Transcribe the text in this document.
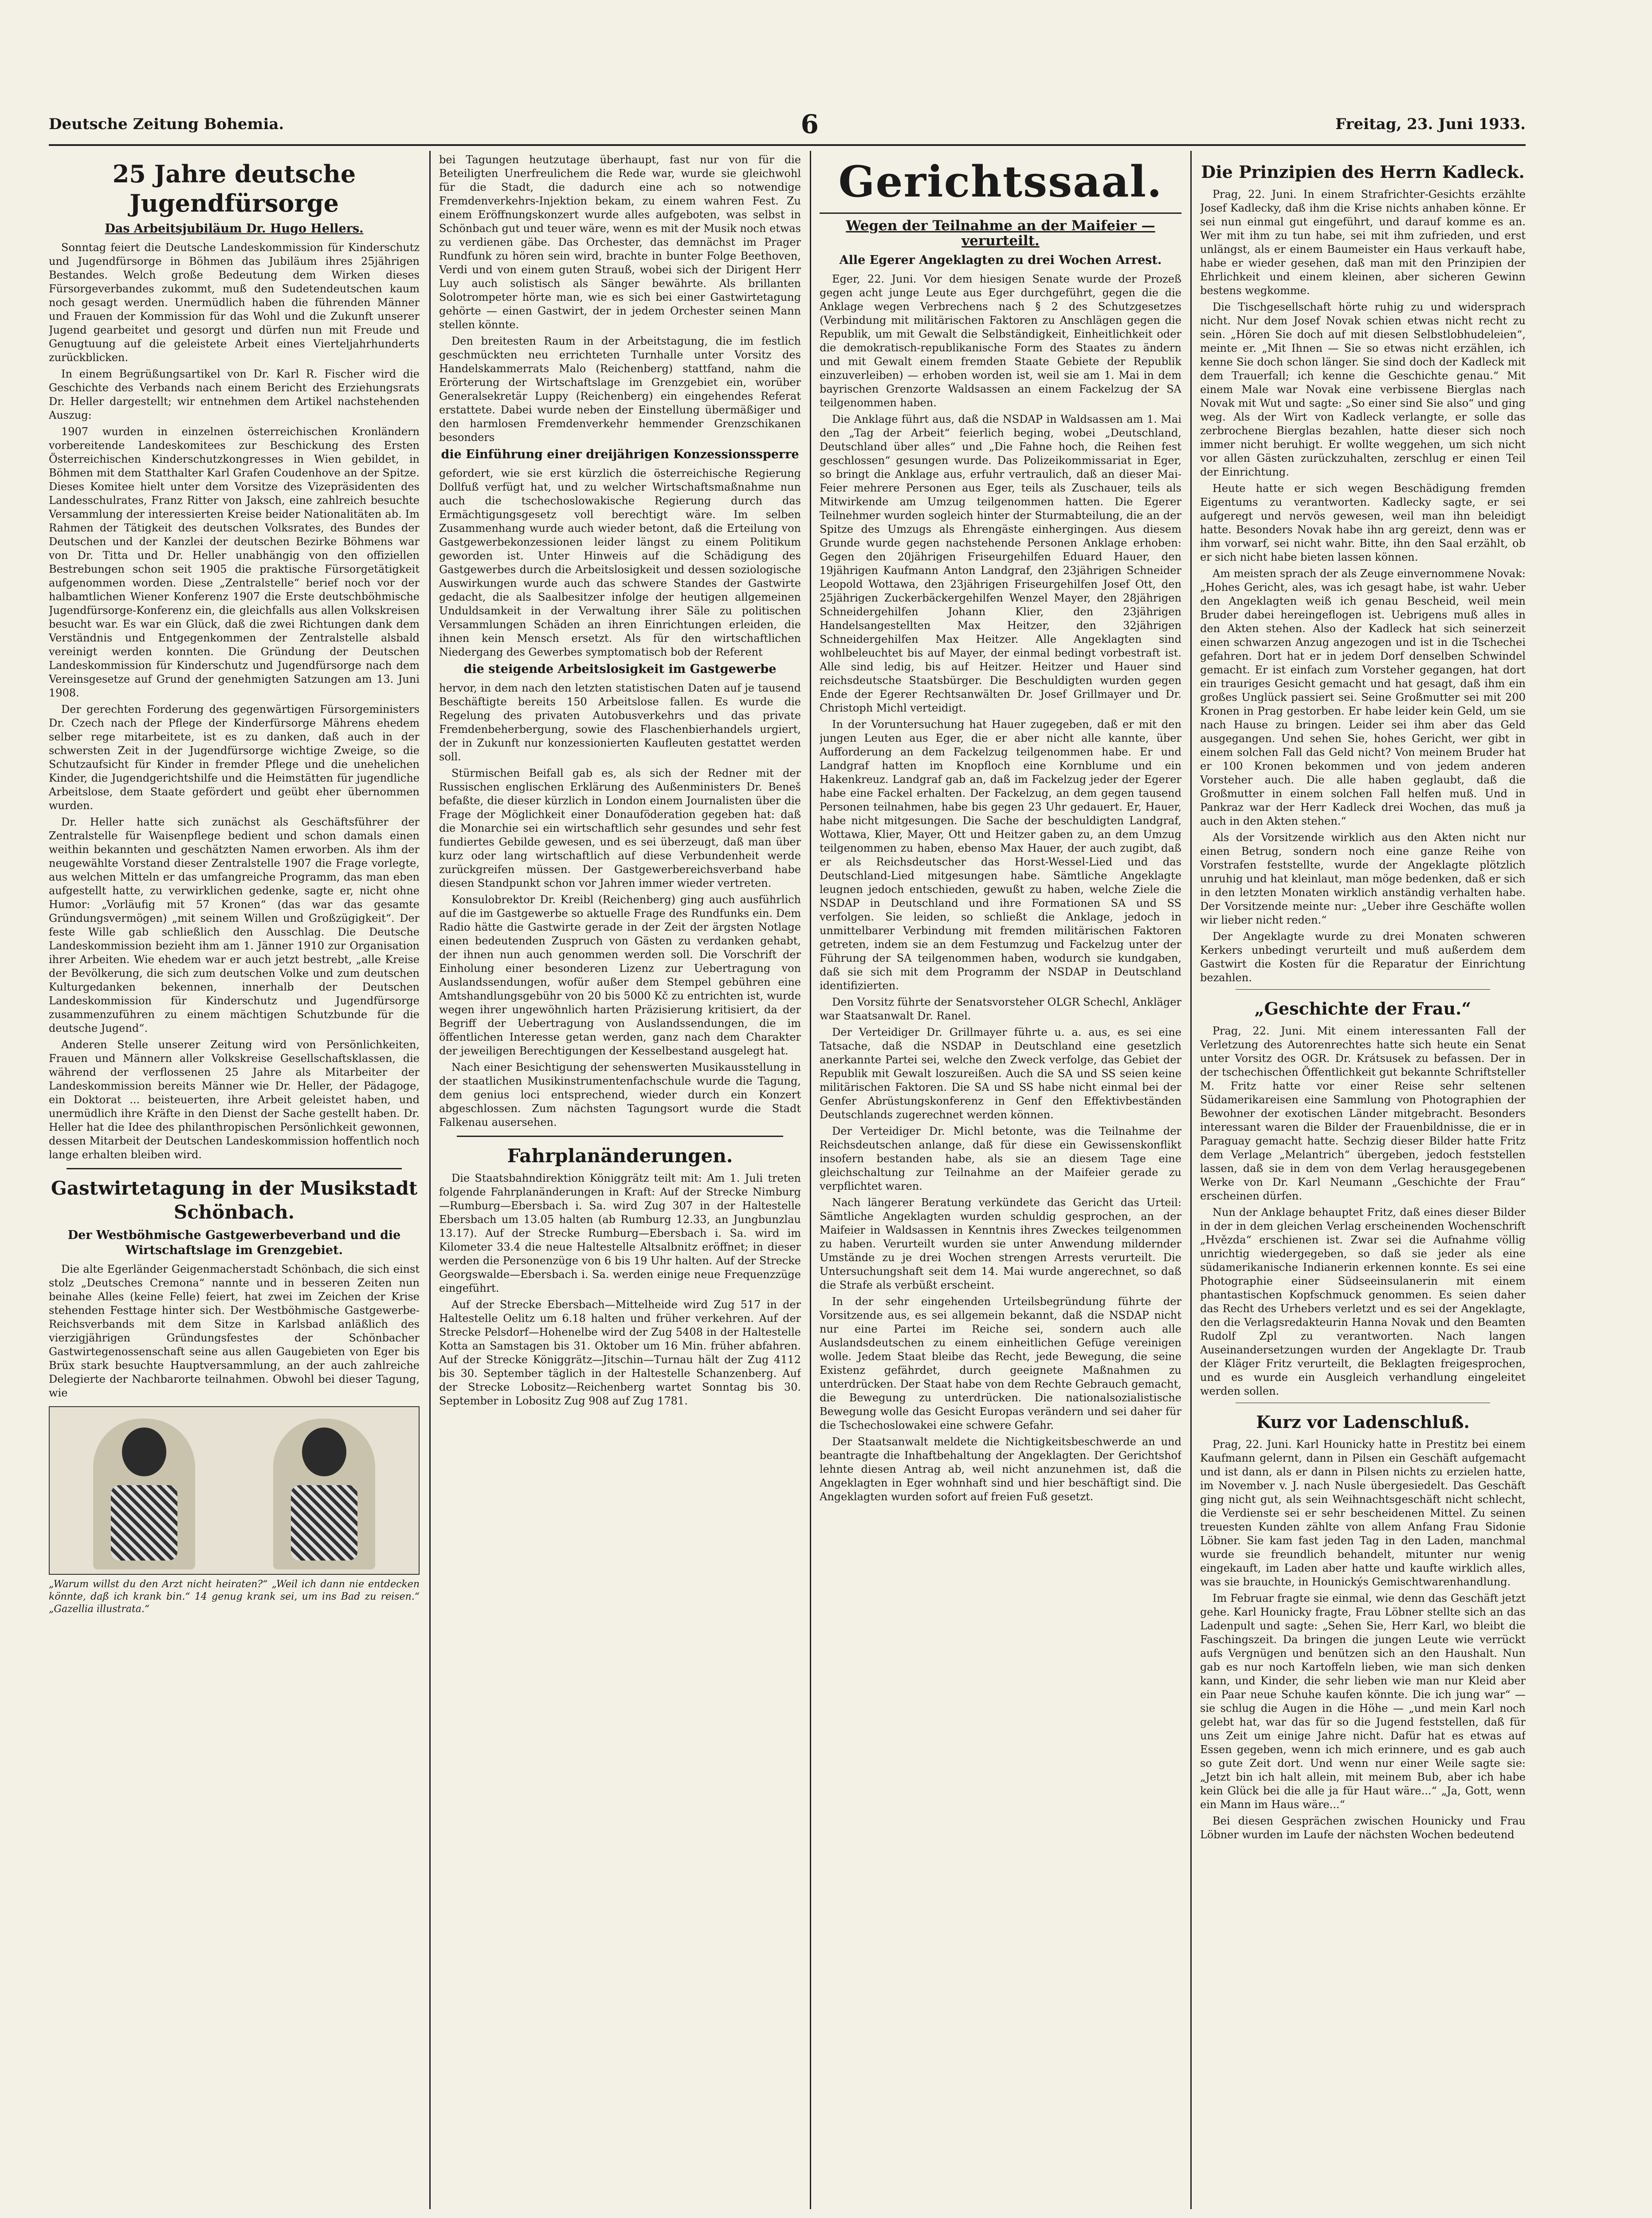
Deutsche Zeitung Bohemia.	6	Freitag, 23. Juni 1933.
25 Jahre deutsche Jugendfürsorge
Das Arbeitsjubiläum Dr. Hugo Hellers.

Sonntag feiert die Deutsche Landeskommission für Kinderschutz und Jugendfürsorge in Böhmen das Jubiläum ihres 25jährigen Bestandes. Welch große Bedeutung dem Wirken dieses Fürsorgeverbandes zukommt, muß den Sudetendeutschen kaum noch gesagt werden. Unermüdlich haben die führenden Männer und Frauen der Kommission für das Wohl und die Zukunft unserer Jugend gearbeitet und gesorgt und dürfen nun mit Freude und Genugtuung auf die geleistete Arbeit eines Vierteljahrhunderts zurückblicken.

In einem Begrüßungsartikel von Dr. Karl R. Fischer wird die Geschichte des Verbands nach einem Bericht des Erziehungsrats Dr. Heller dargestellt; wir entnehmen dem Artikel nachstehenden Auszug:

1907 wurden in einzelnen österreichischen Kronländern vorbereitende Landeskomitees zur Beschickung des Ersten Österreichischen Kinderschutzkongresses in Wien gebildet, in Böhmen mit dem Statthalter Karl Grafen Coudenhove an der Spitze. Dieses Komitee hielt unter dem Vorsitze des Vizepräsidenten des Landesschulrates, Franz Ritter von Jaksch, eine zahlreich besuchte Versammlung der interessierten Kreise beider Nationalitäten ab. Im Rahmen der Tätigkeit des deutschen Volksrates, des Bundes der Deutschen und der Kanzlei der deutschen Bezirke Böhmens war von Dr. Titta und Dr. Heller unabhängig von den offiziellen Bestrebungen schon seit 1905 die praktische Fürsorgetätigkeit aufgenommen worden. Diese „Zentralstelle“ berief noch vor der halbamtlichen Wiener Konferenz 1907 die Erste deutschböhmische Jugendfürsorge-Konferenz ein, die gleichfalls aus allen Volkskreisen besucht war. Es war ein Glück, daß die zwei Richtungen dank dem Verständnis und Entgegenkommen der Zentralstelle alsbald vereinigt werden konnten. Die Gründung der Deutschen Landeskommission für Kinderschutz und Jugendfürsorge nach dem Vereinsgesetze auf Grund der genehmigten Satzungen am 13. Juni 1908.

Der gerechten Forderung des gegenwärtigen Fürsorgeministers Dr. Czech nach der Pflege der Kinderfürsorge Mährens ehedem selber rege mitarbeitete, ist es zu danken, daß auch in der schwersten Zeit in der Jugendfürsorge wichtige Zweige, so die Schutzaufsicht für Kinder in fremder Pflege und die unehelichen Kinder, die Jugendgerichtshilfe und die Heimstätten für jugendliche Arbeitslose, dem Staate gefördert und geübt eher übernommen wurden.

Dr. Heller hatte sich zunächst als Geschäftsführer der Zentralstelle für Waisenpflege bedient und schon damals einen weithin bekannten und geschätzten Namen erworben. Als ihm der neugewählte Vorstand dieser Zentralstelle 1907 die Frage vorlegte, aus welchen Mitteln er das umfangreiche Programm, das man eben aufgestellt hatte, zu verwirklichen gedenke, sagte er, nicht ohne Humor: „Vorläufig mit 57 Kronen“ (das war das gesamte Gründungsvermögen) „mit seinem Willen und Großzügigkeit“. Der feste Wille gab schließlich den Ausschlag. Die Deutsche Landeskommission bezieht ihm am 1. Jänner 1910 zur Organisation ihrer Arbeiten. Wie ehedem war er auch jetzt bestrebt, „alle Kreise der Bevölkerung, die sich zum deutschen Volke und zum deutschen Kulturgedanken bekennen, innerhalb der Deutschen Landeskommission für Kinderschutz und Jugendfürsorge zusammenzuführen zu einem mächtigen Schutzbunde für die deutsche Jugend“.

Anderen Stelle unserer Zeitung wird von Persönlichkeiten, Frauen und Männern aller Volkskreise Gesellschaftsklassen, die während der verflossenen 25 Jahre als Mitarbeiter der Landeskommission bereits Männer wie Dr. Heller, der Pädagoge, ein Doktorat ... beisteuerten, ihre Arbeit geleistet haben, und unermüdlich ihre Kräfte in den Dienst der Sache gestellt haben. Dr. Heller hat die Idee des philanthropischen Persönlichkeit gewonnen, dessen Mitarbeit der Deutschen Landeskommission hoffentlich noch lange erhalten bleiben wird.

Gastwirtetagung in der Musikstadt Schönbach.
Der Westböhmische Gastgewerbeverband und die Wirtschaftslage im Grenzgebiet.

Die alte Egerländer Geigenmacherstadt Schönbach, die sich einst stolz „Deutsches Cremona“ nannte und in besseren Zeiten nun beinahe Alles (keine Felle) feiert, hat zwei im Zeichen der Krise stehenden Festtage hinter sich. Der Westböhmische Gastgewerbe-Reichsverbands mit dem Sitze in Karlsbad anläßlich des vierzigjährigen Gründungsfestes der Schönbacher Gastwirtegenossenschaft seine aus allen Gaugebieten von Eger bis Brüx stark besuchte Hauptversammlung, an der auch zahlreiche Delegierte der Nachbarorte teilnahmen. Obwohl bei dieser Tagung, wie

„Warum willst du den Arzt nicht heiraten?“ „Weil ich dann nie entdecken könnte, daß ich krank bin.“ 14 genug krank sei, um ins Bad zu reisen.“ „Gazellia illustrata.“

bei Tagungen heutzutage überhaupt, fast nur von für die Beteiligten Unerfreulichem die Rede war, wurde sie gleichwohl für die Stadt, die dadurch eine ach so notwendige Fremdenverkehrs-Injektion bekam, zu einem wahren Fest. Zu einem Eröffnungskonzert wurde alles aufgeboten, was selbst in Schönbach gut und teuer wäre, wenn es mit der Musik noch etwas zu verdienen gäbe. Das Orchester, das demnächst im Prager Rundfunk zu hören sein wird, brachte in bunter Folge Beethoven, Verdi und von einem guten Strauß, wobei sich der Dirigent Herr Luy auch solistisch als Sänger bewährte. Als brillanten Solotrompeter hörte man, wie es sich bei einer Gastwirtetagung gehörte — einen Gastwirt, der in jedem Orchester seinen Mann stellen könnte.

Den breitesten Raum in der Arbeitstagung, die im festlich geschmückten neu errichteten Turnhalle unter Vorsitz des Handelskammerrats Malo (Reichenberg) stattfand, nahm die Erörterung der Wirtschaftslage im Grenzgebiet ein, worüber Generalsekretär Luppy (Reichenberg) ein eingehendes Referat erstattete. Dabei wurde neben der Einstellung übermäßiger und den harmlosen Fremdenverkehr hemmender Grenzschikanen besonders

die Einführung einer dreijährigen Konzessionssperre

gefordert, wie sie erst kürzlich die österreichische Regierung Dollfuß verfügt hat, und zu welcher Wirtschaftsmaßnahme nun auch die tschechoslowakische Regierung durch das Ermächtigungsgesetz voll berechtigt wäre. Im selben Zusammenhang wurde auch wieder betont, daß die Erteilung von Gastgewerbekonzessionen leider längst zu einem Politikum geworden ist. Unter Hinweis auf die Schädigung des Gastgewerbes durch die Arbeitslosigkeit und dessen soziologische Auswirkungen wurde auch das schwere Standes der Gastwirte gedacht, die als Saalbesitzer infolge der heutigen allgemeinen Unduldsamkeit in der Verwaltung ihrer Säle zu politischen Versammlungen Schäden an ihren Einrichtungen erleiden, die ihnen kein Mensch ersetzt. Als für den wirtschaftlichen Niedergang des Gewerbes symptomatisch bob der Referent

die steigende Arbeitslosigkeit im Gastgewerbe

hervor, in dem nach den letzten statistischen Daten auf je tausend Beschäftigte bereits 150 Arbeitslose fallen. Es wurde die Regelung des privaten Autobusverkehrs und das private Fremdenbeherbergung, sowie des Flaschenbierhandels urgiert, der in Zukunft nur konzessionierten Kaufleuten gestattet werden soll.

Stürmischen Beifall gab es, als sich der Redner mit der Russischen englischen Erklärung des Außenministers Dr. Beneš befaßte, die dieser kürzlich in London einem Journalisten über die Frage der Möglichkeit einer Donauföderation gegeben hat: daß die Monarchie sei ein wirtschaftlich sehr gesundes und sehr fest fundiertes Gebilde gewesen, und es sei überzeugt, daß man über kurz oder lang wirtschaftlich auf diese Verbundenheit werde zurückgreifen müssen. Der Gastgewerbereichsverband habe diesen Standpunkt schon vor Jahren immer wieder vertreten.

Konsulobrektor Dr. Kreibl (Reichenberg) ging auch ausführlich auf die im Gastgewerbe so aktuelle Frage des Rundfunks ein. Dem Radio hätte die Gastwirte gerade in der Zeit der ärgsten Notlage einen bedeutenden Zuspruch von Gästen zu verdanken gehabt, der ihnen nun auch genommen werden soll. Die Vorschrift der Einholung einer besonderen Lizenz zur Uebertragung von Auslandssendungen, wofür außer dem Stempel gebühren eine Amtshandlungsgebühr von 20 bis 5000 Kč zu entrichten ist, wurde wegen ihrer ungewöhnlich harten Präzisierung kritisiert, da der Begriff der Uebertragung von Auslandssendungen, die im öffentlichen Interesse getan werden, ganz nach dem Charakter der jeweiligen Berechtigungen der Kesselbestand ausgelegt hat.

Nach einer Besichtigung der sehenswerten Musikausstellung in der staatlichen Musikinstrumentenfachschule wurde die Tagung, dem genius loci entsprechend, wieder durch ein Konzert abgeschlossen. Zum nächsten Tagungsort wurde die Stadt Falkenau ausersehen.

Fahrplanänderungen.

Die Staatsbahndirektion Königgrätz teilt mit: Am 1. Juli treten folgende Fahrplanänderungen in Kraft: Auf der Strecke Nimburg—Rumburg—Ebersbach i. Sa. wird Zug 307 in der Haltestelle Ebersbach um 13.05 halten (ab Rumburg 12.33, an Jungbunzlau 13.17). Auf der Strecke Rumburg—Ebersbach i. Sa. wird im Kilometer 33.4 die neue Haltestelle Altsalbnitz eröffnet; in dieser werden die Personenzüge von 6 bis 19 Uhr halten. Auf der Strecke Georgswalde—Ebersbach i. Sa. werden einige neue Frequenzzüge eingeführt.

Auf der Strecke Ebersbach—Mittelheide wird Zug 517 in der Haltestelle Oelitz um 6.18 halten und früher verkehren. Auf der Strecke Pelsdorf—Hohenelbe wird der Zug 5408 in der Haltestelle Kotta an Samstagen bis 31. Oktober um 16 Min. früher abfahren. Auf der Strecke Königgrätz—Jitschin—Turnau hält der Zug 4112 bis 30. September täglich in der Haltestelle Schanzenberg. Auf der Strecke Lobositz—Reichenberg wartet Sonntag bis 30. September in Lobositz Zug 908 auf Zug 1781.

Gerichtssaal.
Wegen der Teilnahme an der Maifeier — verurteilt.
Alle Egerer Angeklagten zu drei Wochen Arrest.

Eger, 22. Juni. Vor dem hiesigen Senate wurde der Prozeß gegen acht junge Leute aus Eger durchgeführt, gegen die die Anklage wegen Verbrechens nach § 2 des Schutzgesetzes (Verbindung mit militärischen Faktoren zu Anschlägen gegen die Republik, um mit Gewalt die Selbständigkeit, Einheitlichkeit oder die demokratisch-republikanische Form des Staates zu ändern und mit Gewalt einem fremden Staate Gebiete der Republik einzuverleiben) — erhoben worden ist, weil sie am 1. Mai in dem bayrischen Grenzorte Waldsassen an einem Fackelzug der SA teilgenommen haben.

Die Anklage führt aus, daß die NSDAP in Waldsassen am 1. Mai den „Tag der Arbeit“ feierlich beging, wobei „Deutschland, Deutschland über alles“ und „Die Fahne hoch, die Reihen fest geschlossen“ gesungen wurde. Das Polizeikommissariat in Eger, so bringt die Anklage aus, erfuhr vertraulich, daß an dieser Mai-Feier mehrere Personen aus Eger, teils als Zuschauer, teils als Mitwirkende am Umzug teilgenommen hatten. Die Egerer Teilnehmer wurden sogleich hinter der Sturmabteilung, die an der Spitze des Umzugs als Ehrengäste einhergingen. Aus diesem Grunde wurde gegen nachstehende Personen Anklage erhoben: Gegen den 20jährigen Friseurgehilfen Eduard Hauer, den 19jährigen Kaufmann Anton Landgraf, den 23jährigen Schneider Leopold Wottawa, den 23jährigen Friseurgehilfen Josef Ott, den 25jährigen Zuckerbäckergehilfen Wenzel Mayer, den 28jährigen Schneidergehilfen Johann Klier, den 23jährigen Handelsangestellten Max Heitzer, den 32jährigen Schneidergehilfen Max Heitzer. Alle Angeklagten sind wohlbeleuchtet bis auf Mayer, der einmal bedingt vorbestraft ist. Alle sind ledig, bis auf Heitzer. Heitzer und Hauer sind reichsdeutsche Staatsbürger. Die Beschuldigten wurden gegen Ende der Egerer Rechtsanwälten Dr. Josef Grillmayer und Dr. Christoph Michl verteidigt.

In der Voruntersuchung hat Hauer zugegeben, daß er mit den jungen Leuten aus Eger, die er aber nicht alle kannte, über Aufforderung an dem Fackelzug teilgenommen habe. Er und Landgraf hatten im Knopfloch eine Kornblume und ein Hakenkreuz. Landgraf gab an, daß im Fackelzug jeder der Egerer habe eine Fackel erhalten. Der Fackelzug, an dem gegen tausend Personen teilnahmen, habe bis gegen 23 Uhr gedauert. Er, Hauer, habe nicht mitgesungen. Die Sache der beschuldigten Landgraf, Wottawa, Klier, Mayer, Ott und Heitzer gaben zu, an dem Umzug teilgenommen zu haben, ebenso Max Hauer, der auch zugibt, daß er als Reichsdeutscher das Horst-Wessel-Lied und das Deutschland-Lied mitgesungen habe. Sämtliche Angeklagte leugnen jedoch entschieden, gewußt zu haben, welche Ziele die NSDAP in Deutschland und ihre Formationen SA und SS verfolgen. Sie leiden, so schließt die Anklage, jedoch in unmittelbarer Verbindung mit fremden militärischen Faktoren getreten, indem sie an dem Festumzug und Fackelzug unter der Führung der SA teilgenommen haben, wodurch sie kundgaben, daß sie sich mit dem Programm der NSDAP in Deutschland identifizierten.

Den Vorsitz führte der Senatsvorsteher OLGR Schechl, Ankläger war Staatsanwalt Dr. Ranel.

Der Verteidiger Dr. Grillmayer führte u. a. aus, es sei eine Tatsache, daß die NSDAP in Deutschland eine gesetzlich anerkannte Partei sei, welche den Zweck verfolge, das Gebiet der Republik mit Gewalt loszureißen. Auch die SA und SS seien keine militärischen Faktoren. Die SA und SS habe nicht einmal bei der Genfer Abrüstungskonferenz in Genf den Effektivbeständen Deutschlands zugerechnet werden können.

Der Verteidiger Dr. Michl betonte, was die Teilnahme der Reichsdeutschen anlange, daß für diese ein Gewissenskonflikt insofern bestanden habe, als sie an diesem Tage eine gleichschaltung zur Teilnahme an der Maifeier gerade zu verpflichtet waren.

Nach längerer Beratung verkündete das Gericht das Urteil: Sämtliche Angeklagten wurden schuldig gesprochen, an der Maifeier in Waldsassen in Kenntnis ihres Zweckes teilgenommen zu haben. Verurteilt wurden sie unter Anwendung mildernder Umstände zu je drei Wochen strengen Arrests verurteilt. Die Untersuchungshaft seit dem 14. Mai wurde angerechnet, so daß die Strafe als verbüßt erscheint.

In der sehr eingehenden Urteilsbegründung führte der Vorsitzende aus, es sei allgemein bekannt, daß die NSDAP nicht nur eine Partei im Reiche sei, sondern auch alle Auslandsdeutschen zu einem einheitlichen Gefüge vereinigen wolle. Jedem Staat bleibe das Recht, jede Bewegung, die seine Existenz gefährdet, durch geeignete Maßnahmen zu unterdrücken. Der Staat habe von dem Rechte Gebrauch gemacht, die Bewegung zu unterdrücken. Die nationalsozialistische Bewegung wolle das Gesicht Europas verändern und sei daher für die Tschechoslowakei eine schwere Gefahr.

Der Staatsanwalt meldete die Nichtigkeitsbeschwerde an und beantragte die Inhaftbehaltung der Angeklagten. Der Gerichtshof lehnte diesen Antrag ab, weil nicht anzunehmen ist, daß die Angeklagten in Eger wohnhaft sind und hier beschäftigt sind. Die Angeklagten wurden sofort auf freien Fuß gesetzt.

Die Prinzipien des Herrn Kadleck.

Prag, 22. Juni. In einem Strafrichter-Gesichts erzählte Josef Kadlecky, daß ihm die Krise nichts anhaben könne. Er sei nun einmal gut eingeführt, und darauf komme es an. Wer mit ihm zu tun habe, sei mit ihm zufrieden, und erst unlängst, als er einem Baumeister ein Haus verkauft habe, habe er wieder gesehen, daß man mit den Prinzipien der Ehrlichkeit und einem kleinen, aber sicheren Gewinn bestens wegkomme.

Die Tischgesellschaft hörte ruhig zu und widersprach nicht. Nur dem Josef Novak schien etwas nicht recht zu sein. „Hören Sie doch auf mit diesen Selbstlobhudeleien“, meinte er. „Mit Ihnen — Sie so etwas nicht erzählen, ich kenne Sie doch schon länger. Sie sind doch der Kadleck mit dem Trauerfall; ich kenne die Geschichte genau.“ Mit einem Male war Novak eine verbissene Bierglas nach Novak mit Wut und sagte: „So einer sind Sie also“ und ging weg. Als der Wirt von Kadleck verlangte, er solle das zerbrochene Bierglas bezahlen, hatte dieser sich noch immer nicht beruhigt. Er wollte weggehen, um sich nicht vor allen Gästen zurückzuhalten, zerschlug er einen Teil der Einrichtung.

Heute hatte er sich wegen Beschädigung fremden Eigentums zu verantworten. Kadlecky sagte, er sei aufgeregt und nervös gewesen, weil man ihn beleidigt hatte. Besonders Novak habe ihn arg gereizt, denn was er ihm vorwarf, sei nicht wahr. Bitte, ihn den Saal erzählt, ob er sich nicht habe bieten lassen können.

Am meisten sprach der als Zeuge einvernommene Novak: „Hohes Gericht, ales, was ich gesagt habe, ist wahr. Ueber den Angeklagten weiß ich genau Bescheid, weil mein Bruder dabei hereingeflogen ist. Uebrigens muß alles in den Akten stehen. Also der Kadleck hat sich seinerzeit einen schwarzen Anzug angezogen und ist in die Tschechei gefahren. Dort hat er in jedem Dorf denselben Schwindel gemacht. Er ist einfach zum Vorsteher gegangen, hat dort ein trauriges Gesicht gemacht und hat gesagt, daß ihm ein großes Unglück passiert sei. Seine Großmutter sei mit 200 Kronen in Prag gestorben. Er habe leider kein Geld, um sie nach Hause zu bringen. Leider sei ihm aber das Geld ausgegangen. Und sehen Sie, hohes Gericht, wer gibt in einem solchen Fall das Geld nicht? Von meinem Bruder hat er 100 Kronen bekommen und von jedem anderen Vorsteher auch. Die alle haben geglaubt, daß die Großmutter in einem solchen Fall helfen muß. Und in Pankraz war der Herr Kadleck drei Wochen, das muß ja auch in den Akten stehen.“

Als der Vorsitzende wirklich aus den Akten nicht nur einen Betrug, sondern noch eine ganze Reihe von Vorstrafen feststellte, wurde der Angeklagte plötzlich unruhig und hat kleinlaut, man möge bedenken, daß er sich in den letzten Monaten wirklich anständig verhalten habe. Der Vorsitzende meinte nur: „Ueber ihre Geschäfte wollen wir lieber nicht reden.“

Der Angeklagte wurde zu drei Monaten schweren Kerkers unbedingt verurteilt und muß außerdem dem Gastwirt die Kosten für die Reparatur der Einrichtung bezahlen.

„Geschichte der Frau.“

Prag, 22. Juni. Mit einem interessanten Fall der Verletzung des Autorenrechtes hatte sich heute ein Senat unter Vorsitz des OGR. Dr. Krátsusek zu befassen. Der in der tschechischen Öffentlichkeit gut bekannte Schriftsteller M. Fritz hatte vor einer Reise sehr seltenen Südamerikareisen eine Sammlung von Photographien der Bewohner der exotischen Länder mitgebracht. Besonders interessant waren die Bilder der Frauenbildnisse, die er in Paraguay gemacht hatte. Sechzig dieser Bilder hatte Fritz dem Verlage „Melantrich“ übergeben, jedoch feststellen lassen, daß sie in dem von dem Verlag herausgegebenen Werke von Dr. Karl Neumann „Geschichte der Frau“ erscheinen dürfen.

Nun der Anklage behauptet Fritz, daß eines dieser Bilder in der in dem gleichen Verlag erscheinenden Wochenschrift „Hvězda“ erschienen ist. Zwar sei die Aufnahme völlig unrichtig wiedergegeben, so daß sie jeder als eine südamerikanische Indianerin erkennen konnte. Es sei eine Photographie einer Südseeinsulanerin mit einem phantastischen Kopfschmuck genommen. Es seien daher das Recht des Urhebers verletzt und es sei der Angeklagte, den die Verlagsredakteurin Hanna Novak und den Beamten Rudolf Zpl zu verantworten. Nach langen Auseinandersetzungen wurden der Angeklagte Dr. Traub der Kläger Fritz verurteilt, die Beklagten freigesprochen, und es wurde ein Ausgleich verhandlung eingeleitet werden sollen.

Kurz vor Ladenschluß.

Prag, 22. Juni. Karl Hounicky hatte in Prestitz bei einem Kaufmann gelernt, dann in Pilsen ein Geschäft aufgemacht und ist dann, als er dann in Pilsen nichts zu erzielen hatte, im November v. J. nach Nusle übergesiedelt. Das Geschäft ging nicht gut, als sein Weihnachtsgeschäft nicht schlecht, die Verdienste sei er sehr bescheidenen Mittel. Zu seinen treuesten Kunden zählte von allem Anfang Frau Sidonie Löbner. Sie kam fast jeden Tag in den Laden, manchmal wurde sie freundlich behandelt, mitunter nur wenig eingekauft, im Laden aber hatte und kaufte wirklich alles, was sie brauchte, in Hounickýs Gemischtwarenhandlung.

Im Februar fragte sie einmal, wie denn das Geschäft jetzt gehe. Karl Hounicky fragte, Frau Löbner stellte sich an das Ladenpult und sagte: „Sehen Sie, Herr Karl, wo bleibt die Faschingszeit. Da bringen die jungen Leute wie verrückt aufs Vergnügen und benützen sich an den Haushalt. Nun gab es nur noch Kartoffeln lieben, wie man sich denken kann, und Kinder, die sehr lieben wie man nur Kleid aber ein Paar neue Schuhe kaufen könnte. Die ich jung war“ — sie schlug die Augen in die Höhe — „und mein Karl noch gelebt hat, war das für so die Jugend feststellen, daß für uns Zeit um einige Jahre nicht. Dafür hat es etwas auf Essen gegeben, wenn ich mich erinnere, und es gab auch so gute Zeit dort. Und wenn nur einer Weile sagte sie: „Jetzt bin ich halt allein, mit meinem Bub, aber ich habe kein Glück bei die alle ja für Haut wäre...“ „Ja, Gott, wenn ein Mann im Haus wäre...“

Bei diesen Gesprächen zwischen Hounicky und Frau Löbner wurden im Laufe der nächsten Wochen bedeutend
